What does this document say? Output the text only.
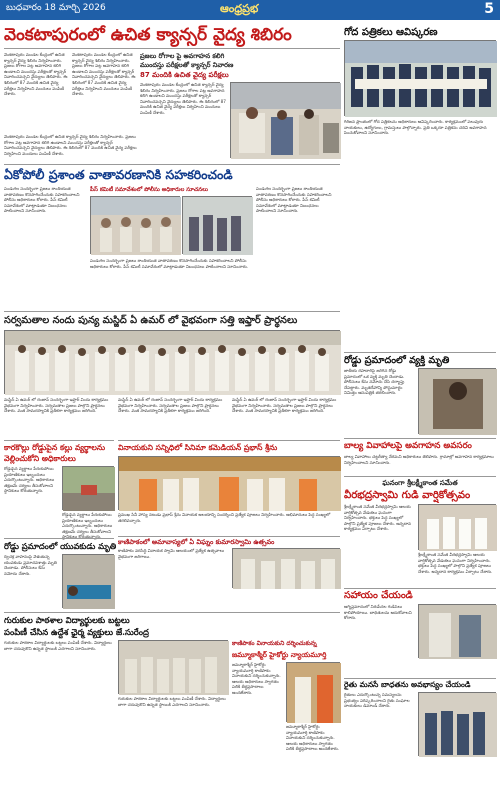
బుధవారం 18 మార్చి 2026	ఆంధ్రప్రభ	5
వెంకటాపురంలో ఉచిత క్యాన్సర్ వైద్య శిబిరం
వెంకటాపురం మండల కేంద్రంలో ఉచిత క్యాన్సర్ వైద్య శిబిరం నిర్వహించారు. ప్రజలు రోగాల పట్ల అవగాహన కలిగి ఉండాలని ముందస్తు పరీక్షలతో క్యాన్సర్ నివారించవచ్చని వైద్యులు తెలిపారు. ఈ శిబిరంలో 87 మందికి ఉచిత వైద్య పరీక్షలు నిర్వహించి మందులు పంపిణీ చేశారు.
వెంకటాపురం మండల కేంద్రంలో ఉచిత క్యాన్సర్ వైద్య శిబిరం నిర్వహించారు. ప్రజలు రోగాల పట్ల అవగాహన కలిగి ఉండాలని ముందస్తు పరీక్షలతో క్యాన్సర్ నివారించవచ్చని వైద్యులు తెలిపారు. ఈ శిబిరంలో 87 మందికి ఉచిత వైద్య పరీక్షలు నిర్వహించి మందులు పంపిణీ చేశారు.
ప్రజలు రోగాల పై అవగాహన కలిగి
ముందస్తు పరీక్షలతో క్యాన్సర్ నివారణ
87 మందికి ఉచిత వైద్య పరీక్షలు
వెంకటాపురం మండల కేంద్రంలో ఉచిత క్యాన్సర్ వైద్య శిబిరం నిర్వహించారు. ప్రజలు రోగాల పట్ల అవగాహన కలిగి ఉండాలని ముందస్తు పరీక్షలతో క్యాన్సర్ నివారించవచ్చని వైద్యులు తెలిపారు. ఈ శిబిరంలో 87 మందికి ఉచిత వైద్య పరీక్షలు నిర్వహించి మందులు పంపిణీ చేశారు.
వెంకటాపురం మండల కేంద్రంలో ఉచిత క్యాన్సర్ వైద్య శిబిరం నిర్వహించారు. ప్రజలు రోగాల పట్ల అవగాహన కలిగి ఉండాలని ముందస్తు పరీక్షలతో క్యాన్సర్ నివారించవచ్చని వైద్యులు తెలిపారు. ఈ శిబిరంలో 87 మందికి ఉచిత వైద్య పరీక్షలు నిర్వహించి మందులు పంపిణీ చేశారు.
గోద పత్రికలు ఆవిష్కరణ
గిరిజన ప్రాంతంలో గోద పత్రికలను అధికారులు ఆవిష్కరించారు. కార్యక్రమంలో పలువురు నాయకులు, ఉద్యోగులు, గ్రామస్తులు పాల్గొన్నారు. ప్రతి ఒక్కరూ పత్రికను చదివి అవగాహన పెంచుకోవాలని సూచించారు.
ఏకోపోలీ ప్రశాంత వాతావరణానికి సహకరించండి
పండుగల సందర్భంగా ప్రజలు శాంతియుత వాతావరణం కొనసాగించేందుకు సహకరించాలని పోలీసు అధికారులు కోరారు. పీస్ కమిటీ సమావేశంలో మాట్లాడుతూ నిబంధనలు పాటించాలని సూచించారు.
పీస్ కమిటీ సమావేశంలో పోలీసు అధికారుల సూచనలు
పండుగల సందర్భంగా ప్రజలు శాంతియుత వాతావరణం కొనసాగించేందుకు సహకరించాలని పోలీసు అధికారులు కోరారు. పీస్ కమిటీ సమావేశంలో మాట్లాడుతూ నిబంధనలు పాటించాలని సూచించారు.
పండుగల సందర్భంగా ప్రజలు శాంతియుత వాతావరణం కొనసాగించేందుకు సహకరించాలని పోలీసు అధికారులు కోరారు. పీస్ కమిటీ సమావేశంలో మాట్లాడుతూ నిబంధనలు పాటించాలని సూచించారు.
సర్వమతాల నందు పున్య మస్జిద్ ఏ ఉమర్ లో వైభవంగా సత్తి ఇఫ్తార్ ప్రార్థనలు
మస్జిద్ ఏ ఉమర్ లో రంజాన్ సందర్భంగా ఇఫ్తార్ విందు కార్యక్రమం వైభవంగా నిర్వహించారు. సర్వమతాల ప్రజలు పాల్గొని ప్రార్థనలు చేశారు. మత సామరస్యానికి ప్రతీకగా కార్యక్రమం జరిగింది.
మస్జిద్ ఏ ఉమర్ లో రంజాన్ సందర్భంగా ఇఫ్తార్ విందు కార్యక్రమం వైభవంగా నిర్వహించారు. సర్వమతాల ప్రజలు పాల్గొని ప్రార్థనలు చేశారు. మత సామరస్యానికి ప్రతీకగా కార్యక్రమం జరిగింది.
మస్జిద్ ఏ ఉమర్ లో రంజాన్ సందర్భంగా ఇఫ్తార్ విందు కార్యక్రమం వైభవంగా నిర్వహించారు. సర్వమతాల ప్రజలు పాల్గొని ప్రార్థనలు చేశారు. మత సామరస్యానికి ప్రతీకగా కార్యక్రమం జరిగింది.
రోడ్డు ప్రమాదంలో వ్యక్తి మృతి
జాతీయ రహదారిపై జరిగిన రోడ్డు ప్రమాదంలో ఒక వ్యక్తి మృతి చెందాడు. పోలీసులు కేసు నమోదు చేసి దర్యాప్తు చేపట్టారు. మృతదేహాన్ని పోస్టుమార్టం నిమిత్తం ఆసుపత్రికి తరలించారు.
బాల్య వివాహాలపై అవగాహన అవసరం
బాల్య వివాహాలు చట్టరీత్యా నేరమని అధికారులు తెలిపారు. గ్రామాల్లో అవగాహన కార్యక్రమాలు నిర్వహించాలని సూచించారు.
ఘనంగా శ్రీలక్ష్మీకాంత సమేత
వీరభద్రస్వామి గుడి వార్షికోత్సవం
శ్రీలక్ష్మీకాంత సమేత వీరభద్రస్వామి ఆలయ వార్షికోత్సవ వేడుకలు ఘనంగా నిర్వహించారు. భక్తులు పెద్ద సంఖ్యలో పాల్గొని ప్రత్యేక పూజలు చేశారు. అన్నదాన కార్యక్రమం ఏర్పాటు చేశారు.
శ్రీలక్ష్మీకాంత సమేత వీరభద్రస్వామి ఆలయ వార్షికోత్సవ వేడుకలు ఘనంగా నిర్వహించారు. భక్తులు పెద్ద సంఖ్యలో పాల్గొని ప్రత్యేక పూజలు చేశారు. అన్నదాన కార్యక్రమం ఏర్పాటు చేశారు.
సహాయం చేయండి
అగ్నిప్రమాదంలో నిరుపేదల గుడిసెలు కాలిపోయాయి. బాధితులను ఆదుకోవాలని కోరారు.
రైతు మనసే బాధతను అవభాస్యం చేయండి
రైతులు ఎదుర్కొంటున్న సమస్యలను ప్రభుత్వం పరిష్కరించాలని రైతు సంఘాల నాయకులు డిమాండ్ చేశారు.
కారకొల్లు రోడ్డుపైన కల్లు వ్యర్థాలను
వెల్లించుకోని అధికారులు
రోడ్డుపైన వ్యర్థాలు పేరుకుపోయి ప్రయాణికులు ఇబ్బందులు ఎదుర్కొంటున్నారు. అధికారులు తక్షణమే చర్యలు తీసుకోవాలని స్థానికులు కోరుతున్నారు.
రోడ్డుపైన వ్యర్థాలు పేరుకుపోయి ప్రయాణికులు ఇబ్బందులు ఎదుర్కొంటున్నారు. అధికారులు తక్షణమే చర్యలు తీసుకోవాలని స్థానికులు కోరుతున్నారు.
రోడ్డు ప్రమాదంలో యువకుడు మృతి
ద్విచక్ర వాహనంపై వెళుతున్న యువకుడు ప్రమాదవశాత్తు మృతి చెందాడు. పోలీసులు కేసు నమోదు చేశారు.
గురుకుల పాఠశాల విద్యార్థులకు బట్టలు
పంపిణీ చేసిన ఉద్దేశ ఛైర్మ వ్యక్తులు జే.సురేంద్ర
గురుకుల పాఠశాల విద్యార్థులకు బట్టలు పంపిణీ చేశారు. విద్యార్థులు బాగా చదువుకొని ఉన్నత స్థాయికి ఎదగాలని సూచించారు.
గురుకుల పాఠశాల విద్యార్థులకు బట్టలు పంపిణీ చేశారు. విద్యార్థులు బాగా చదువుకొని ఉన్నత స్థాయికి ఎదగాలని సూచించారు.
వినాయకుని సన్నిధిలో సినిమా కమెడియన్ ప్రభాస్ శ్రీను
ప్రముఖ సినీ హాస్య నటుడు ప్రభాస్ శ్రీను వినాయక ఆలయాన్ని సందర్శించి ప్రత్యేక పూజలు నిర్వహించారు. అభిమానులు పెద్ద సంఖ్యలో తరలివచ్చారు.
కాణిపాకంలో అమావాస్యలో ఏ విఘ్నం కుమారస్వామి ఉత్సవం
కాణిపాకం వరసిద్ధి వినాయక స్వామి ఆలయంలో ప్రత్యేక ఉత్సవాలు వైభవంగా జరిగాయి.
కాణిపాకం వినాయకుని దర్శించుకున్న
జమ్మూకాశ్మీర్ హైకోర్టు న్యాయమూర్తి
జమ్మూకాశ్మీర్ హైకోర్టు న్యాయమూర్తి కాణిపాకం వినాయకుని దర్శించుకున్నారు. ఆలయ అధికారులు స్వాగతం పలికి తీర్థప్రసాదాలు అందజేశారు.
జమ్మూకాశ్మీర్ హైకోర్టు న్యాయమూర్తి కాణిపాకం వినాయకుని దర్శించుకున్నారు. ఆలయ అధికారులు స్వాగతం పలికి తీర్థప్రసాదాలు అందజేశారు.
